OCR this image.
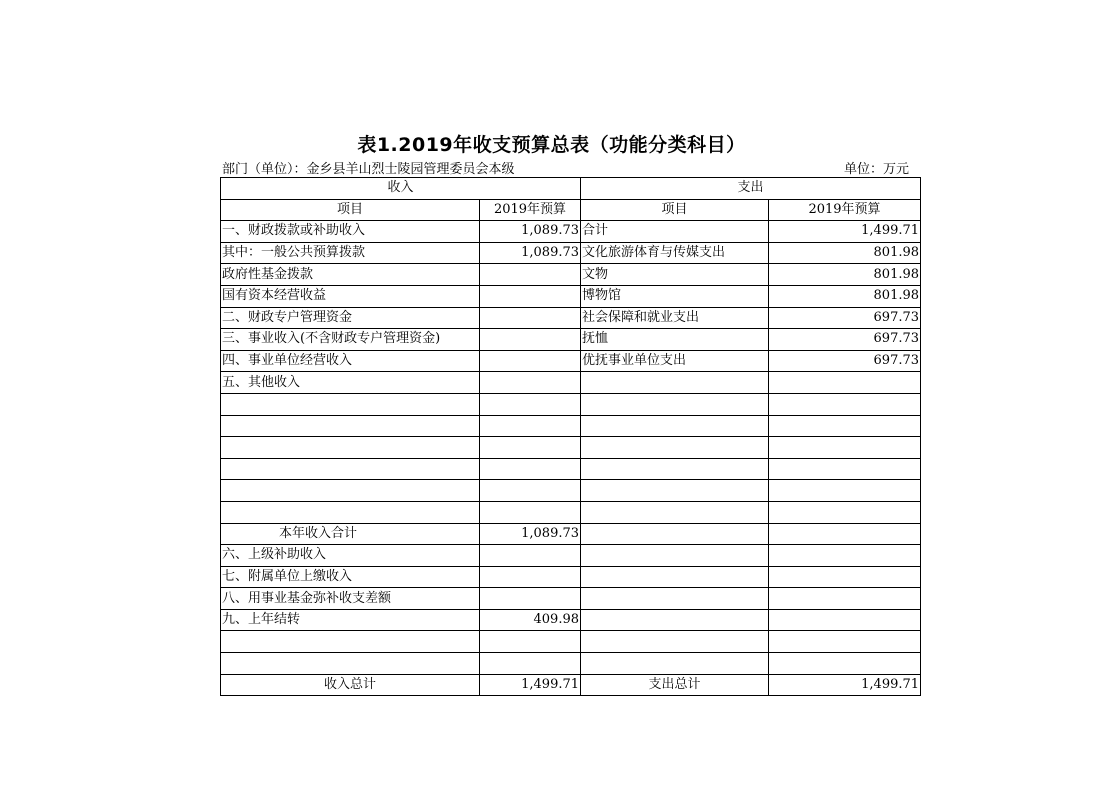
表1.2019年收支预算总表（功能分类科目）
部门（单位）：金乡县羊山烈士陵园管理委员会本级	单位：万元
收入		支出	
项目	2019年预算	项目	2019年预算
一、财政拨款或补助收入	1,089.73	合计	1,499.71
其中：一般公共预算拨款	1,089.73	文化旅游体育与传媒支出	801.98
政府性基金拨款		文物	801.98
国有资本经营收益		博物馆	801.98
二、财政专户管理资金		社会保障和就业支出	697.73
三、事业收入(不含财政专户管理资金)		抚恤	697.73
四、事业单位经营收入		优抚事业单位支出	697.73
五、其他收入			

本年收入合计	1,089.73		
六、上级补助收入			
七、附属单位上缴收入			
八、用事业基金弥补收支差额			
九、上年结转	409.98		

收入总计	1,499.71	支出总计	1,499.71
